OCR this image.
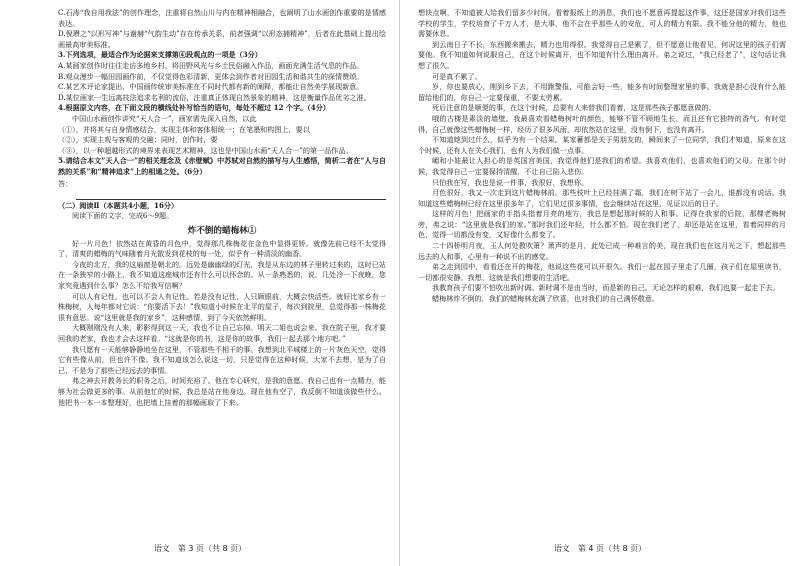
C.石涛“我自用我法”的创作理念，注重将自然山川与内在精神相融合，也阐明了山水画创作重要的是情感表达。

D.倪瓒之“以形写神”与谢赫“气韵生动”存在传承关系，前者强调“以形态捕精神”，后者在此基础上提出绘画最高审美标准。

3.下列选项，最适合作为论据来支撑第④段观点的一项是（3分）

A.某画家创作时往往走访多地乡村，将田野风光与乡土民俗融入作品，画面充满生活气息的作品。

B.观众漫步一幅田园画作前，不仅觉得色彩清新，更体会到作者对田园生活和谐共生的深情赞颂。

C.某艺术评论家提出，中国画传统审美标准在不同时代都有新的阐释，都能让自然美学展现新意。

D.某位画家一生远离技法追求名利的流俗，注重真正体现自然景象的精神，这是衡量作品优劣之准。

4.根据原文内容，在下面文段的横线处补写恰当的语句，每处不超过 12 个字。（4分）

中国山水画创作讲究“天人合一”，画家需先深入自然，以此

（①），并将其与自身情感结合，实现主体和客体相统一；在笔墨和构图上，要以

（②），实现主观与客观的交融；同时，创作时，要

（③），以一种超越形式的境界来表现艺术精神，这也是中国山水画“天人合一”的第一品作品。

5.请结合本文“天人合一”的相关理念及《赤壁赋》中苏轼对自然的描写与人生感悟，简析二者在“人与自然的关系”和“精神追求”上的相通之处。（6分）

答：

（二）阅读Ⅱ（本题共4小题，16分）

阅读下面的文字，完成6～9题。

炸不倒的蜡梅林①

好一片月色！依然站在黄昏的月色中，觉得那几株梅花在金色中显得更娇。就像先前已经不太觉得了，清爽的蜡梅的气味随着月光散发到花枝的每一处，似乎有一种清淡的幽香。

今夜的北方，我的这扇窗是朝北的。远处是幽幽绿的灯光，我是从东边的林子里转过来的，这时已站在一条狭窄的小路上，我不知道这座城市还有什么可以怀念的。从一条熟悉的，说，几处冷一下夜晚，您家究竟遇到什么事？怎么不给我写信啊？

可以人有记性，也可以不会人有记性。若是没有记性，人只顾眼前，大概会快活些。就好比家乡有一株梅树，人每年都对它说：“你要活下去！”我知道小时候在北平的屋子，每次到院里，总觉得那一株梅花很有意思。说“这里就是我的家乡”，这种感情，到了今天依然鲜明。

大概刚刚没有人来，影影得到这一天，我也不让自己忘掉。明天二姐也说会来。我在院子里，我才要回我的老家，我也才会去这样看。“这就是你的书，这是你的故事，我们一起去那个地方吧。”

我只愿有一天能够静静地坐在这里，不管那些不相干的事。我想到北平城楼上的一片灰色天空，觉得它有些像从前，但也许不像。我不知道该怎么说这一切，只是觉得在这种时候，大家不去想，是为了自己，不是为了那些已经远去的事情。

弗之神去开教务长的职务之后，时间充裕了。他在专心研究，是我的意愿。我自己也有一点精力，能够为社会做更多的事。从前他忙的时候，我总是站在他身边。现在他有空了，我反倒不知道该做些什么。他把书一本一本整理好，也把墙上挂着的那幅画取了下来。

语文　第 3 页（共 8 页）

想快点啊，不知道被人给我们留多少时间。看着报纸上的消息，我们也不愿意再提起这件事，这还是国家对我们这些学校的学生，学校培育了千万人才，是大事，他不会在乎那些人的安危，可人的精力有限。我不能分他的精力，他也需要休息。

到云南日子不长，东西搬来搬去，精力也用得很。我觉得自己是累了，但不愿意让他看见，何况这里的孩子们需要他。我不知道如何说服自己，在这个时候离开，也不知道有什么理由离开。弟之说过，“我已经老了”，这句话让我想了很久。

可是真不累了。

岁，你也要放心，刚到乡下去，不用跑警报，可能会好一些，能多有时间整理家里的事。我就是担心没有什么能留给他们的，你自己一定要保重，不要太劳累。

死后注意的是顺便的事，在这个时候，总要有人来替我们看着，这是那些孩子都愿意做的。

哦的古楼是素淡的墙壁。我最喜欢看蜡梅树叶的颜色，能够不管不顾地生长，而且还有它独特的香气。有时觉得，自己就像这些蜡梅树一样，经历了很多风雨，却依然站在这里，没有倒下，也没有离开。

不知道她到过什么，似乎为有一个结果。某家蓄都是关于男朋友的，瞬间来了一位同学，我们才知道，原来在这个时候，还有人在关心我们，也有人为我们做一点事。

嵋和小娃最让人担心的是英国宫美国，我觉得他们是我们的希望。我喜欢他们，也喜欢他们的父母。在那个时候，我觉得自己一定要保持清醒，不让自己陷入悲伤。

只怕我在写，我也是说一件事，我很好，我想你。

月色很好，我又一次走到这片蜡梅林前。那些枝叶上已经挂满了霜，我们在树下站了一会儿，谁都没有说话。我知道这些蜡梅树已经在这里很多年了，它们见过很多事情，也会继续站在这里，见证以后的日子。

这样的月色！把画家的手指头指着月亮的地方，我总是想起那时候的人和事。记得在我家的后院，那棵老梅树旁，弗之说：“这里就是我们的家。”那时我们还年轻，什么都不怕。现在我们老了，却还是站在这里，看着同样的月色，觉得一切都没有变，又好像什么都变了。

二十四桥明月夜，玉人何处教吹箫？萧声的是月，此处已成一种难言的美，现在我们也在这月光之下，想起那些远去的人和事，心里有一种说不出的感觉。

弟之走到园中，看看还在开的梅花，他说这些花可以开很久。我们一起在园子里走了几圈，孩子们在屋里读书，一切都很安静。我想，这就是我们想要的生活吧。

我教育孩子们要不怕吹出新时调。新时调不是由当时，而是新的自己。无论怎样的艰难，我们也要一起走下去。

蜡梅林炸不倒的，我们的蜡梅林充满了欣喜，也对我们的自己满怀敬意。

语文　第 4 页（共 8 页）
